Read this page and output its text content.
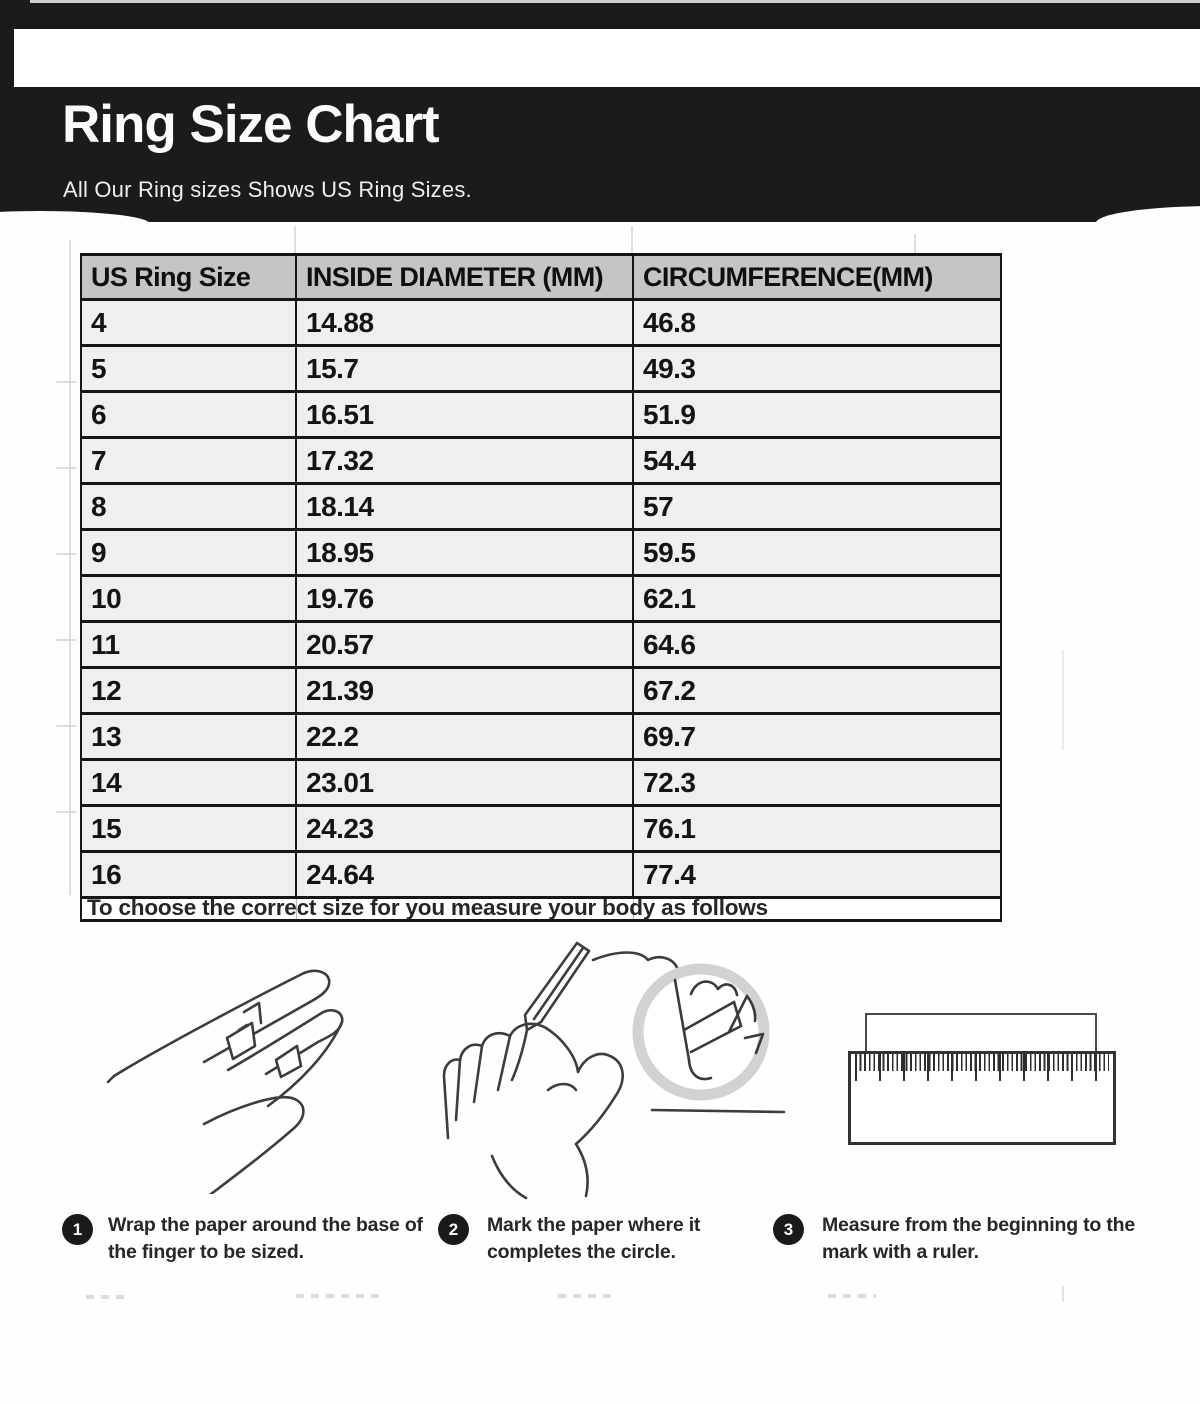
Ring Size Chart

All Our Ring sizes Shows US Ring Sizes.

US Ring Size	INSIDE DIAMETER (MM)	CIRCUMFERENCE(MM)
4	14.88	46.8
5	15.7	49.3
6	16.51	51.9
7	17.32	54.4
8	18.14	57
9	18.95	59.5
10	19.76	62.1
11	20.57	64.6
12	21.39	67.2
13	22.2	69.7
14	23.01	72.3
15	24.23	76.1
16	24.64	77.4

To choose the correct size for you measure your body as follows

1	Wrap the paper around the base of the finger to be sized.
2	Mark the paper where it completes the circle.
3	Measure from the beginning to the mark with a ruler.
